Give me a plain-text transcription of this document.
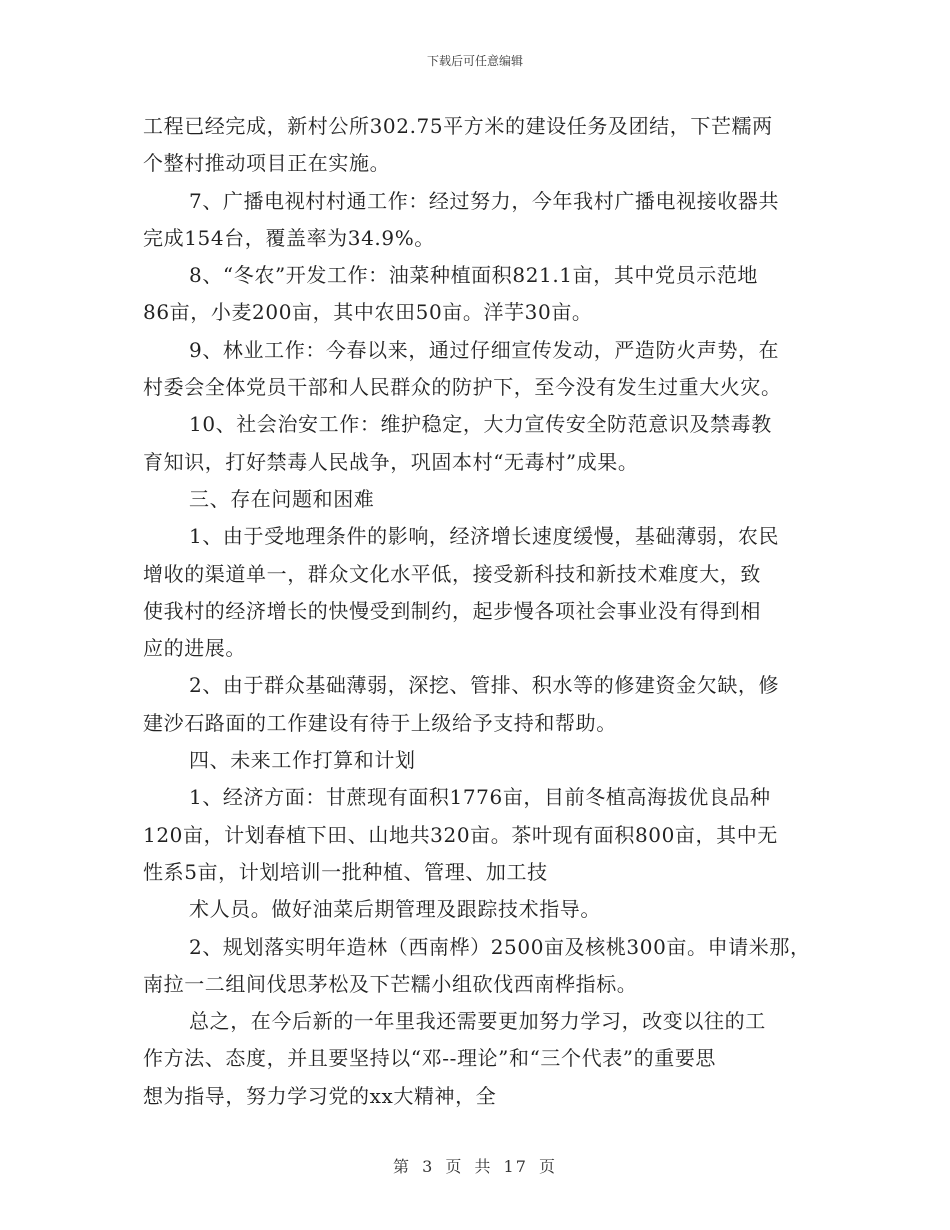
下载后可任意编辑
工程已经完成，新村公所302.75平方米的建设任务及团结，下芒糯两
个整村推动项目正在实施。
7、广播电视村村通工作：经过努力，今年我村广播电视接收器共
完成154台，覆盖率为34.9%。
8、“冬农”开发工作：油菜种植面积821.1亩，其中党员示范地
86亩，小麦200亩，其中农田50亩。洋芋30亩。
9、林业工作：今春以来，通过仔细宣传发动，严造防火声势，在
村委会全体党员干部和人民群众的防护下，至今没有发生过重大火灾。
10、社会治安工作：维护稳定，大力宣传安全防范意识及禁毒教
育知识，打好禁毒人民战争，巩固本村“无毒村”成果。
三、存在问题和困难
1、由于受地理条件的影响，经济增长速度缓慢，基础薄弱，农民
增收的渠道单一，群众文化水平低，接受新科技和新技术难度大，致
使我村的经济增长的快慢受到制约，起步慢各项社会事业没有得到相
应的进展。
2、由于群众基础薄弱，深挖、管排、积水等的修建资金欠缺，修
建沙石路面的工作建设有待于上级给予支持和帮助。
四、未来工作打算和计划
1、经济方面：甘蔗现有面积1776亩，目前冬植高海拔优良品种
120亩，计划春植下田、山地共320亩。茶叶现有面积800亩，其中无
性系5亩，计划培训一批种植、管理、加工技
术人员。做好油菜后期管理及跟踪技术指导。
2、规划落实明年造林（西南桦）2500亩及核桃300亩。申请米那，
南拉一二组间伐思茅松及下芒糯小组砍伐西南桦指标。
总之，在今后新的一年里我还需要更加努力学习，改变以往的工
作方法、态度，并且要坚持以“邓--理论”和“三个代表”的重要思
想为指导，努力学习党的xx大精神，全
第 3 页 共 17 页
